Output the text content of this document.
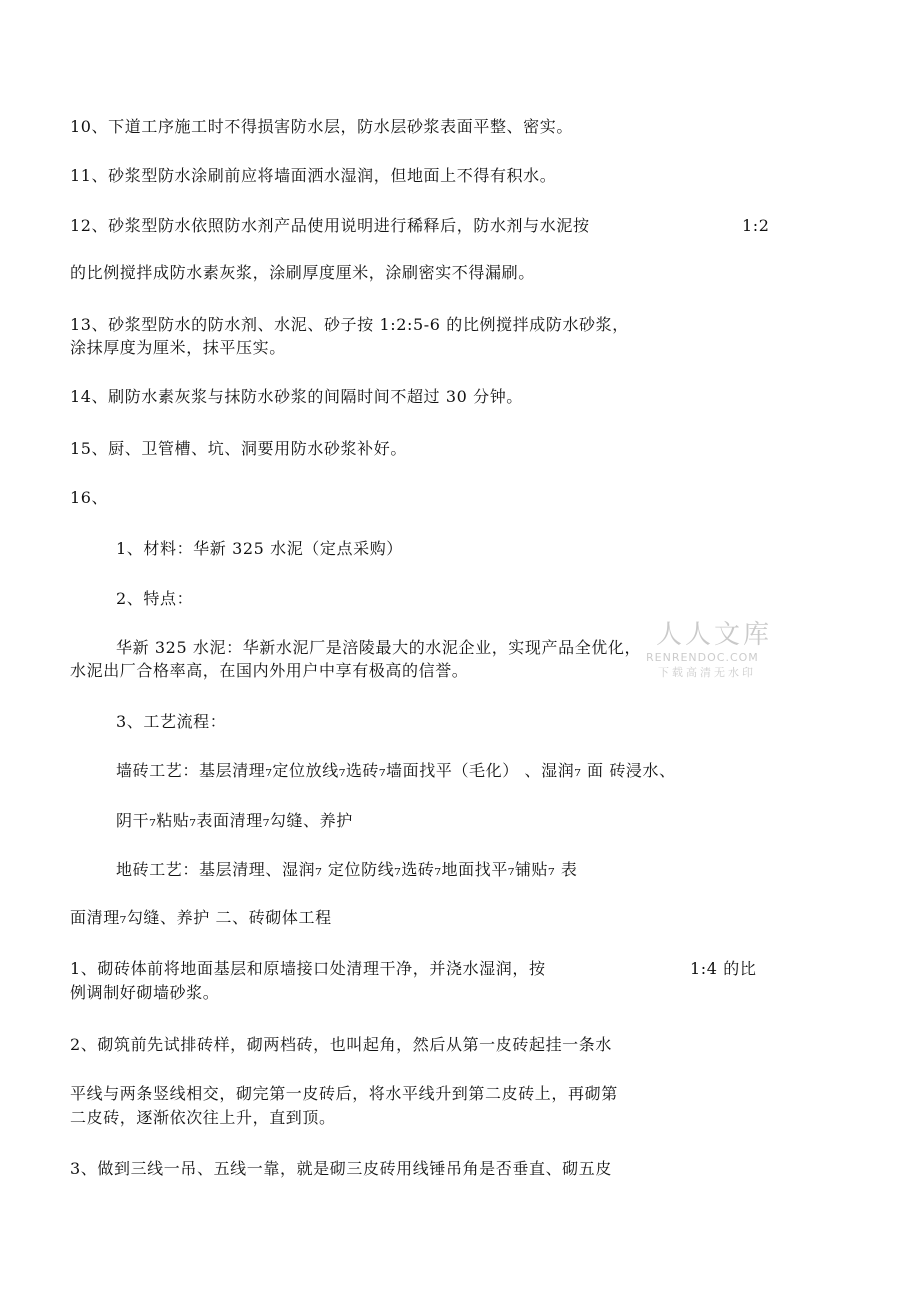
10、下道工序施工时不得损害防水层，防水层砂浆表面平整、密实。

11、砂浆型防水涂刷前应将墙面洒水湿润，但地面上不得有积水。

12、砂浆型防水依照防水剂产品使用说明进行稀释后，防水剂与水泥按	1:2

的比例搅拌成防水素灰浆，涂刷厚度厘米，涂刷密实不得漏刷。

13、砂浆型防水的防水剂、水泥、砂子按 1:2:5-6 的比例搅拌成防水砂浆，

涂抹厚度为厘米，抹平压实。

14、刷防水素灰浆与抹防水砂浆的间隔时间不超过 30 分钟。

15、厨、卫管槽、坑、洞要用防水砂浆补好。

16、

1、材料：华新 325 水泥（定点采购）

2、特点：

华新 325 水泥：华新水泥厂是涪陵最大的水泥企业，实现产品全优化，

水泥出厂合格率高，在国内外用户中享有极高的信誉。

3、工艺流程：

墙砖工艺：基层清理₇定位放线₇选砖₇墙面找平（毛化） 、湿润₇ 面 砖浸水、

阴干₇粘贴₇表面清理₇勾缝、养护

地砖工艺：基层清理、湿润₇ 定位防线₇选砖₇地面找平₇铺贴₇ 表

面清理₇勾缝、养护 二、砖砌体工程

1、砌砖体前将地面基层和原墙接口处清理干净，并浇水湿润，按	1:4 的比

例调制好砌墙砂浆。

2、砌筑前先试排砖样，砌两档砖，也叫起角，然后从第一皮砖起挂一条水

平线与两条竖线相交，砌完第一皮砖后，将水平线升到第二皮砖上，再砌第

二皮砖，逐渐依次往上升，直到顶。

3、做到三线一吊、五线一靠，就是砌三皮砖用线锤吊角是否垂直、砌五皮

人人文库
RENRENDOC.COM
下载高清无水印
